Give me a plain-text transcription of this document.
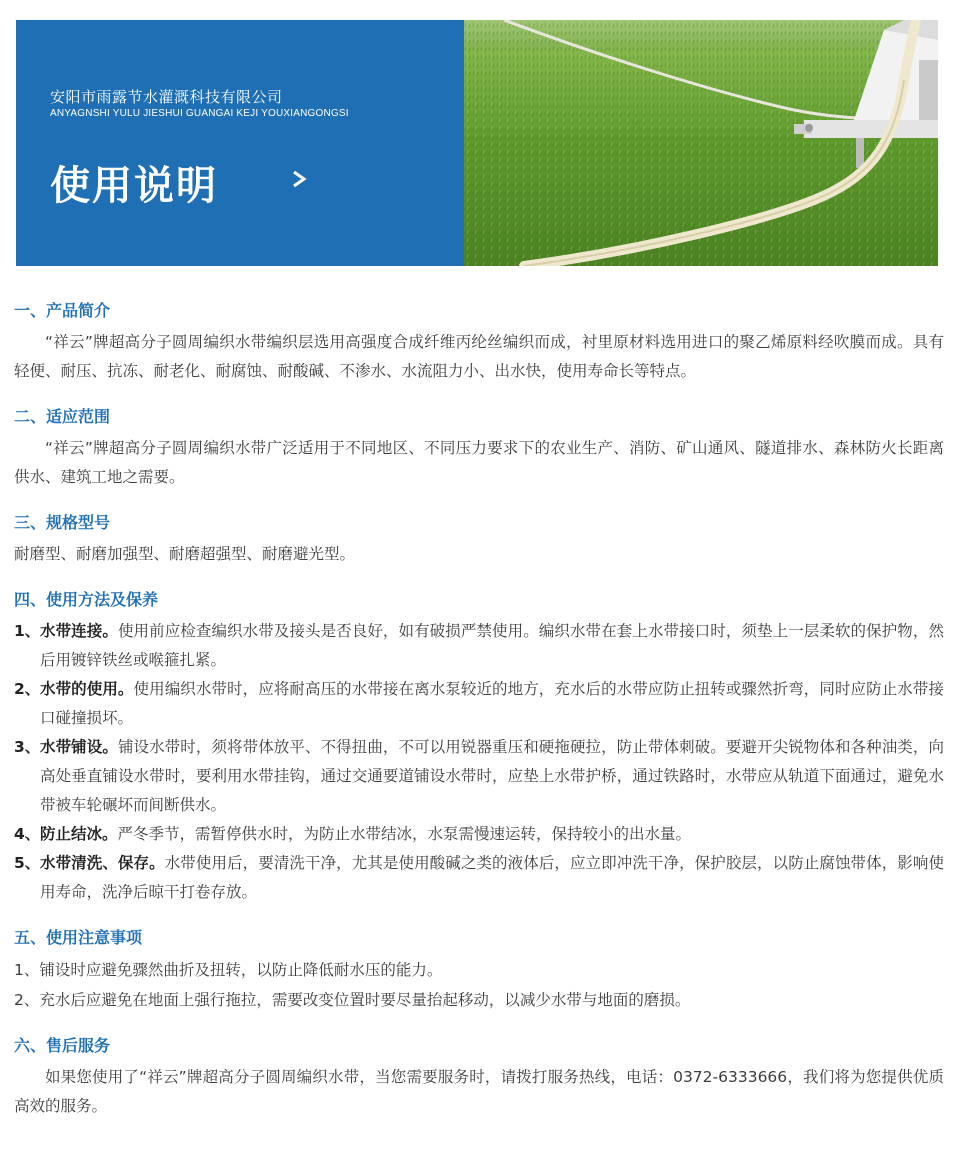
安阳市雨露节水灌溉科技有限公司
ANYAGNSHI YULU JIESHUI GUANGAI KEJI YOUXIANGONGSI
使用说明
一、产品简介

“祥云”牌超高分子圆周编织水带编织层选用高强度合成纤维丙纶丝编织而成，衬里原材料选用进口的聚乙烯原料经吹膜而成。具有轻便、耐压、抗冻、耐老化、耐腐蚀、耐酸碱、不渗水、水流阻力小、出水快，使用寿命长等特点。

二、适应范围

“祥云”牌超高分子圆周编织水带广泛适用于不同地区、不同压力要求下的农业生产、消防、矿山通风、隧道排水、森林防火长距离供水、建筑工地之需要。

三、规格型号

耐磨型、耐磨加强型、耐磨超强型、耐磨避光型。

四、使用方法及保养
1、 水带连接。使用前应检查编织水带及接头是否良好，如有破损严禁使用。编织水带在套上水带接口时，须垫上一层柔软的保护物，然后用镀锌铁丝或喉箍扎紧。
2、 水带的使用。使用编织水带时，应将耐高压的水带接在离水泵较近的地方，充水后的水带应防止扭转或骤然折弯，同时应防止水带接口碰撞损坏。
3、 水带铺设。铺设水带时，须将带体放平、不得扭曲，不可以用锐器重压和硬拖硬拉，防止带体刺破。要避开尖锐物体和各种油类，向高处垂直铺设水带时，要利用水带挂钩，通过交通要道铺设水带时，应垫上水带护桥，通过铁路时，水带应从轨道下面通过，避免水带被车轮碾坏而间断供水。
4、 防止结冰。严冬季节，需暂停供水时，为防止水带结冰，水泵需慢速运转，保持较小的出水量。
5、 水带清洗、保存。水带使用后，要清洗干净，尤其是使用酸碱之类的液体后，应立即冲洗干净，保护胶层，以防止腐蚀带体，影响使用寿命，洗净后晾干打卷存放。
五、使用注意事项
1、铺设时应避免骤然曲折及扭转，以防止降低耐水压的能力。
2、充水后应避免在地面上强行拖拉，需要改变位置时要尽量抬起移动，以减少水带与地面的磨损。
六、售后服务

如果您使用了“祥云”牌超高分子圆周编织水带，当您需要服务时，请拨打服务热线，电话：0372-6333666，我们将为您提供优质高效的服务。
